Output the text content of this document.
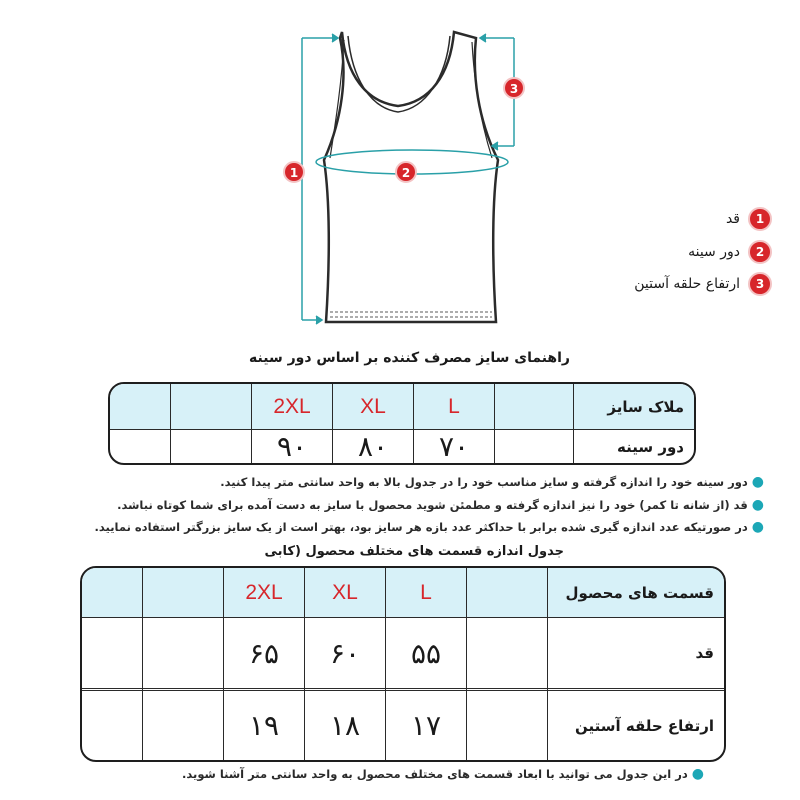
1	2
3
1
قد
2
دور سینه
3
ارتفاع حلقه آستین
راهنمای سایز مصرف کننده بر اساس دور سینه
ملاک سایز		L	XL	2XL		
دور سینه		۷۰	۸۰	۹۰		
●دور سینه خود را اندازه گرفته و سایز مناسب خود را در جدول بالا به واحد سانتی متر پیدا کنید.
●قد (از شانه تا کمر) خود را نیز اندازه گرفته و مطمئن شوید محصول با سایز به دست آمده برای شما کوتاه نباشد.
●در صورتیکه عدد اندازه گیری شده برابر با حداکثر عدد بازه هر سایز بود، بهتر است از یک سایز بزرگتر استفاده نمایید.
جدول اندازه قسمت های مختلف محصول (کابی
قسمت های محصول		L	XL	2XL		
قد		۵۵	۶۰	۶۵		

ارتفاع حلقه آستین		۱۷	۱۸	۱۹		
●در این جدول می توانید با ابعاد قسمت های مختلف محصول به واحد سانتی متر آشنا شوید.
